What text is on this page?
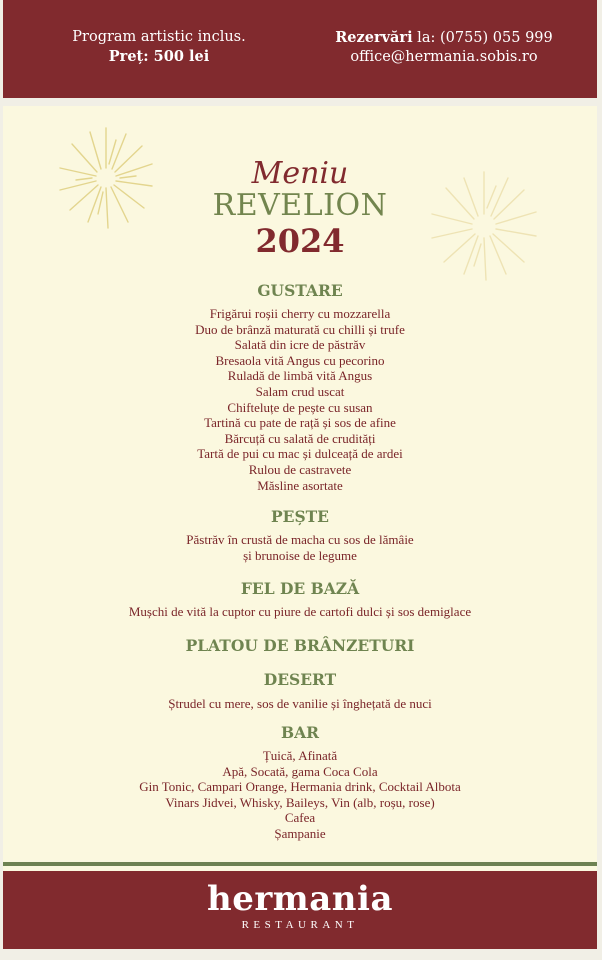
Program artistic inclus.
Preț: 500 lei
Rezervări la: (0755) 055 999
office@hermania.sobis.ro
Meniu
REVELION
2024
GUSTARE
Frigărui roșii cherry cu mozzarella
Duo de brânză maturată cu chilli și trufe
Salată din icre de păstrăv
Bresaola vită Angus cu pecorino
Ruladă de limbă vită Angus
Salam crud uscat
Chifteluțe de pește cu susan
Tartină cu pate de rață și sos de afine
Bărcuță cu salată de crudități
Tartă de pui cu mac și dulceață de ardei
Rulou de castravete
Măsline asortate
PEȘTE
Păstrăv în crustă de macha cu sos de lămâie
și brunoise de legume
FEL DE BAZĂ
Mușchi de vită la cuptor cu piure de cartofi dulci și sos demiglace
PLATOU DE BRÂNZETURI
DESERT
Ștrudel cu mere, sos de vanilie și înghețată de nuci
BAR
Țuică, Afinată
Apă, Socată, gama Coca Cola
Gin Tonic, Campari Orange, Hermania drink, Cocktail Albota
Vinars Jidvei, Whisky, Baileys, Vin (alb, roșu, rose)
Cafea
Șampanie
hermania
RESTAURANT
